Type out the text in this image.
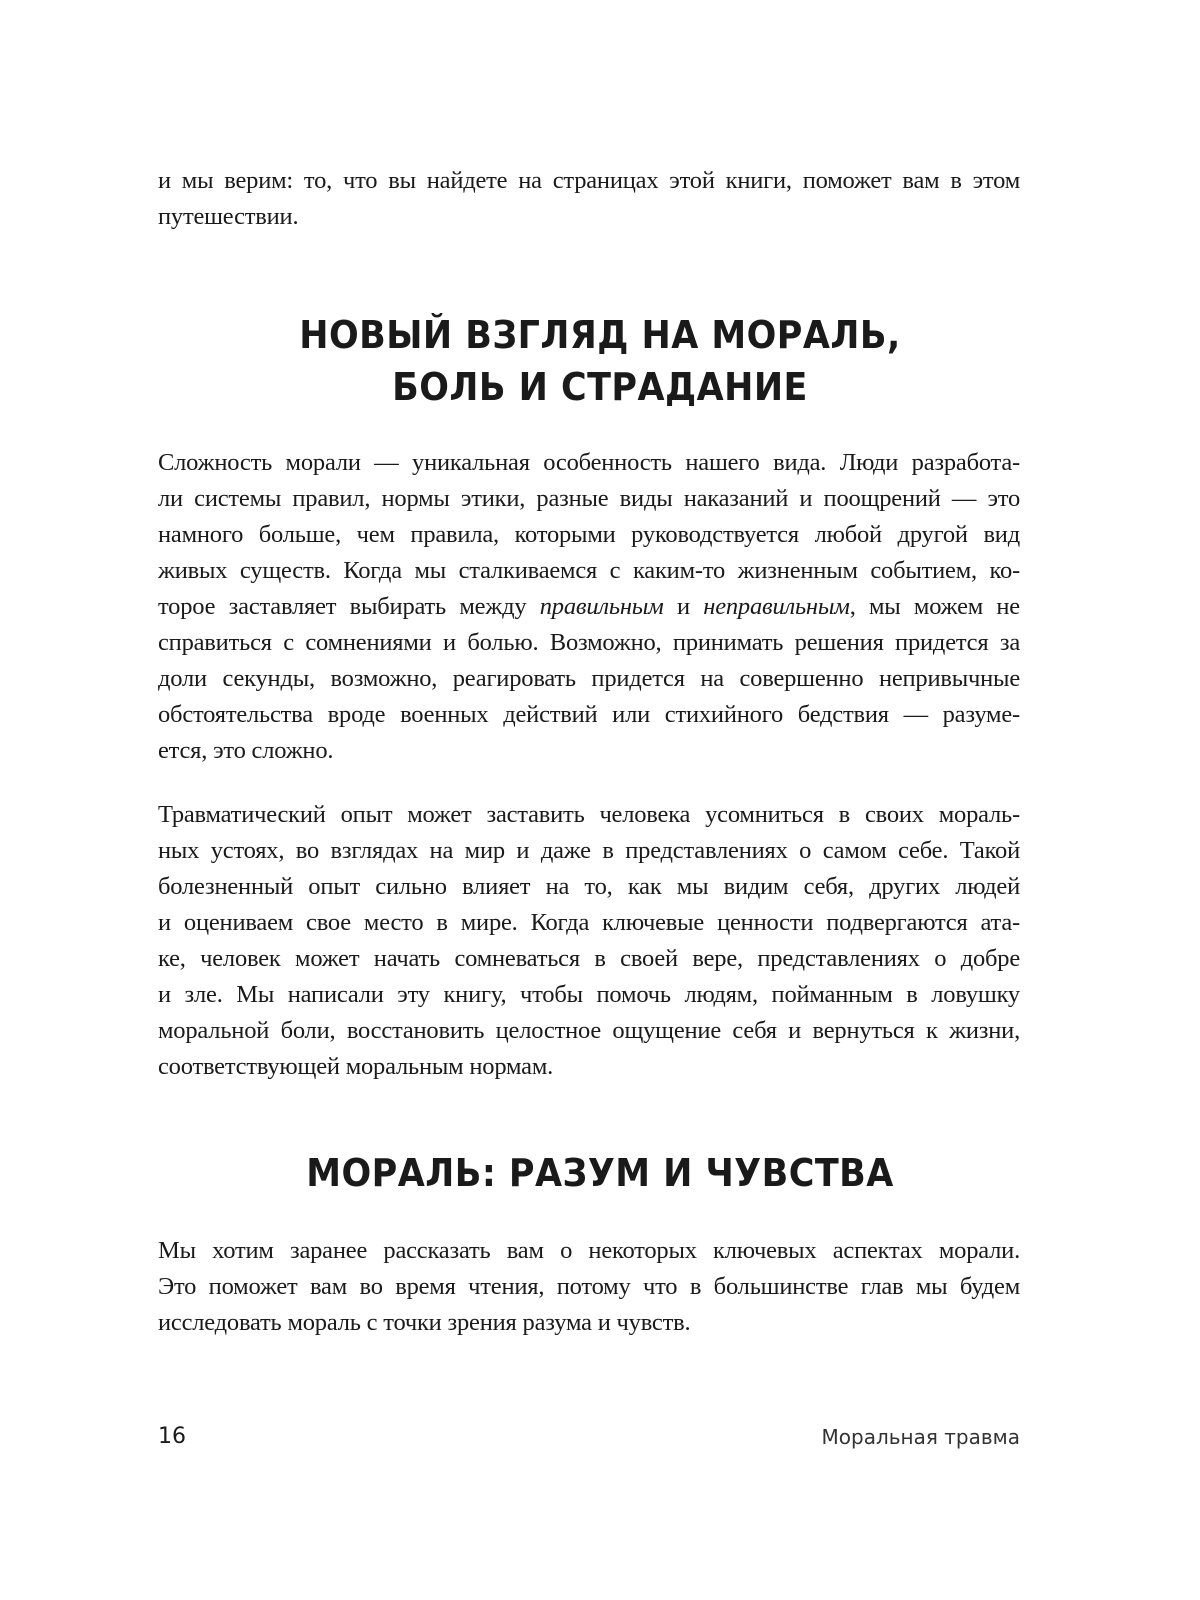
и мы верим: то, что вы найдете на страницах этой книги, поможет вам в этом
путешествии.
НОВЫЙ ВЗГЛЯД НА МОРАЛЬ,
БОЛЬ И СТРАДАНИЕ
Сложность морали — уникальная особенность нашего вида. Люди разработа-
ли системы правил, нормы этики, разные виды наказаний и поощрений — это
намного больше, чем правила, которыми руководствуется любой другой вид
живых существ. Когда мы сталкиваемся с каким-то жизненным событием, ко-
торое заставляет выбирать между правильным и неправильным, мы можем не
справиться с сомнениями и болью. Возможно, принимать решения придется за
доли секунды, возможно, реагировать придется на совершенно непривычные
обстоятельства вроде военных действий или стихийного бедствия — разуме-
ется, это сложно.
Травматический опыт может заставить человека усомниться в своих мораль-
ных устоях, во взглядах на мир и даже в представлениях о самом себе. Такой
болезненный опыт сильно влияет на то, как мы видим себя, других людей
и оцениваем свое место в мире. Когда ключевые ценности подвергаются ата-
ке, человек может начать сомневаться в своей вере, представлениях о добре
и зле. Мы написали эту книгу, чтобы помочь людям, пойманным в ловушку
моральной боли, восстановить целостное ощущение себя и вернуться к жизни,
соответствующей моральным нормам.
МОРАЛЬ: РАЗУМ И ЧУВСТВА
Мы хотим заранее рассказать вам о некоторых ключевых аспектах морали.
Это поможет вам во время чтения, потому что в большинстве глав мы будем
исследовать мораль с точки зрения разума и чувств.
16	Моральная травма
